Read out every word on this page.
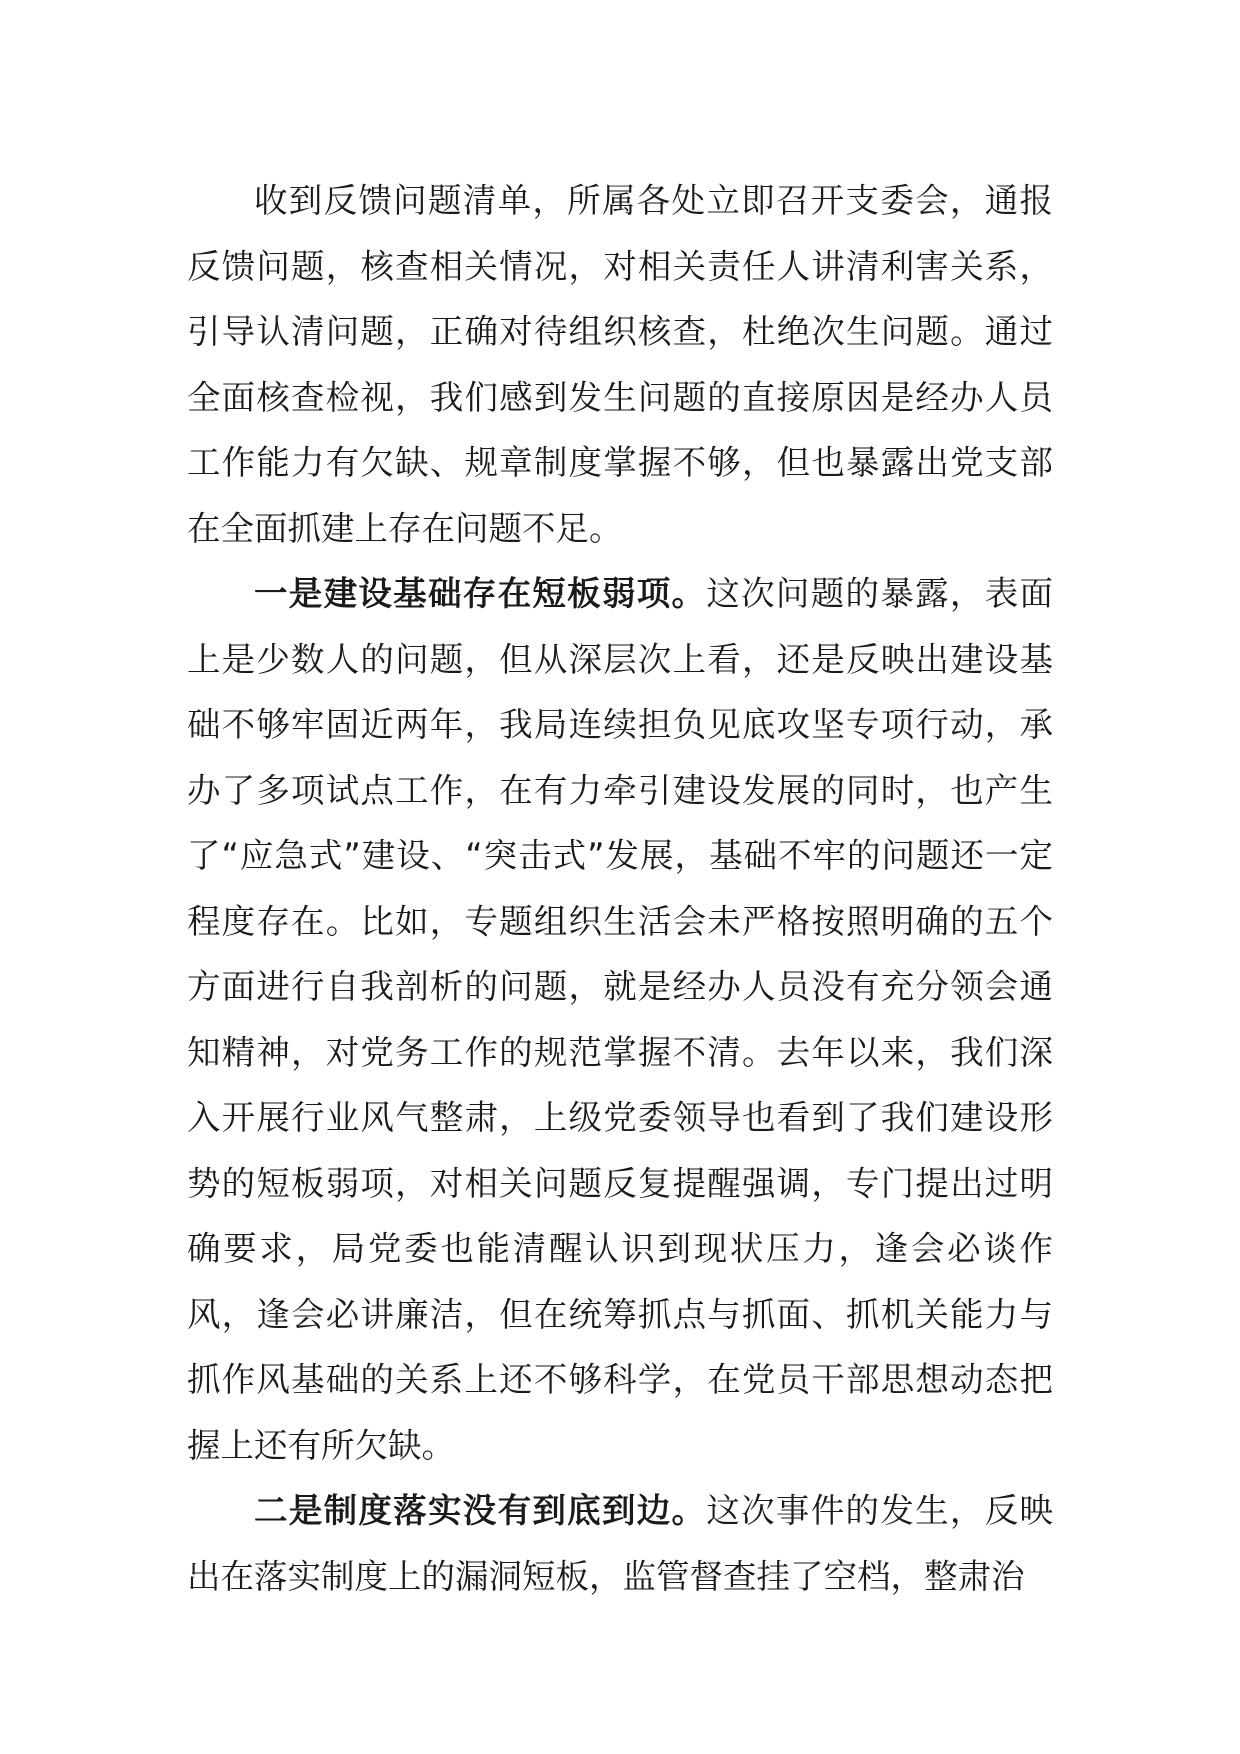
收到反馈问题清单，所属各处立即召开支委会，通报反馈问题，核查相关情况，对相关责任人讲清利害关系，引导认清问题，正确对待组织核查，杜绝次生问题。通过全面核查检视，我们感到发生问题的直接原因是经办人员工作能力有欠缺、规章制度掌握不够，但也暴露出党支部在全面抓建上存在问题不足。

一是建设基础存在短板弱项。这次问题的暴露，表面上是少数人的问题，但从深层次上看，还是反映出建设基础不够牢固近两年，我局连续担负见底攻坚专项行动，承办了多项试点工作，在有力牵引建设发展的同时，也产生了“应急式”建设、“突击式”发展，基础不牢的问题还一定程度存在。比如，专题组织生活会未严格按照明确的五个方面进行自我剖析的问题，就是经办人员没有充分领会通知精神，对党务工作的规范掌握不清。去年以来，我们深入开展行业风气整肃，上级党委领导也看到了我们建设形势的短板弱项，对相关问题反复提醒强调，专门提出过明确要求，局党委也能清醒认识到现状压力，逢会必谈作风，逢会必讲廉洁，但在统筹抓点与抓面、抓机关能力与抓作风基础的关系上还不够科学，在党员干部思想动态把握上还有所欠缺。

二是制度落实没有到底到边。这次事件的发生，反映出在落实制度上的漏洞短板，监管督查挂了空档，整肃治
